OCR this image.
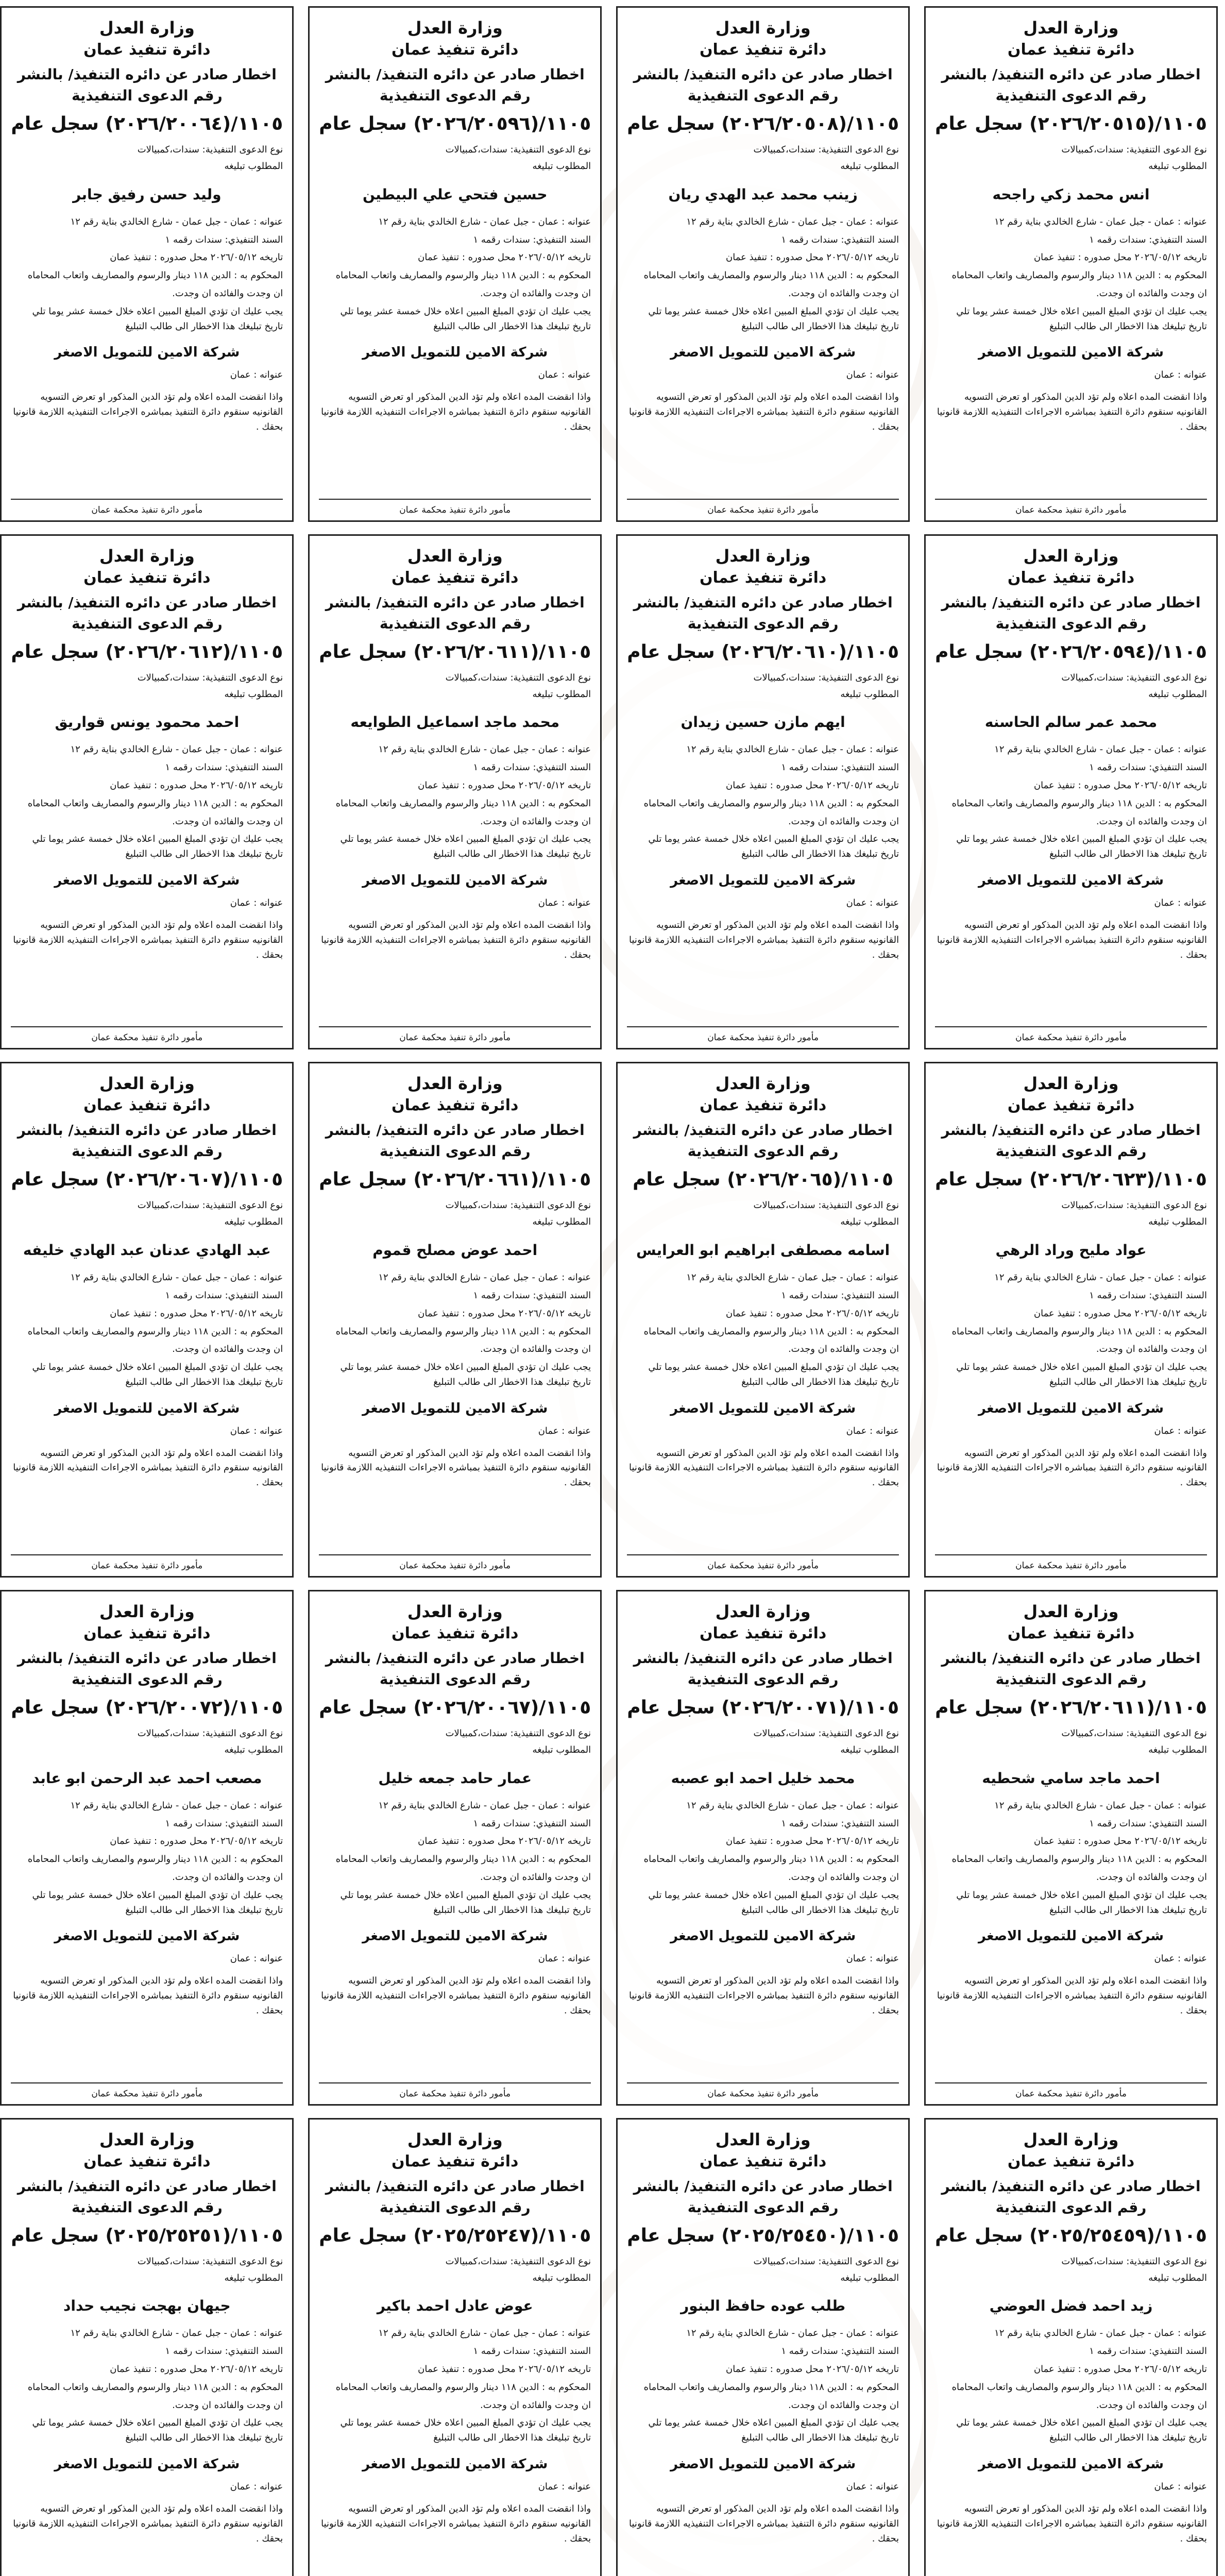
وزارة العدل
دائرة تنفيذ عمان
اخطار صادر عن دائره التنفيذ/ بالنشر
رقم الدعوى التنفيذية
١١٠٥/(٢٠٢٦/٢٠٥١٥) سجل عام
نوع الدعوى التنفيذية: سندات،كمبيالات
المطلوب تبليغه
انس محمد زكي راجحه
عنوانه : عمان - جبل عمان - شارع الخالدي بناية رقم ١٢
السند التنفيذي: سندات رقمه ١
تاريخه ٢٠٢٦/٠٥/١٢ محل صدوره : تنفيذ عمان
المحكوم به : الدين ١١٨ دينار والرسوم والمصاريف واتعاب المحاماه
ان وجدت والفائده ان وجدت.
يجب عليك ان تؤدي المبلغ المبين اعلاه خلال خمسة عشر يوما تلي تاريخ تبليغك هذا الاخطار الى طالب التبليغ
شركة الامين للتمويل الاصغر
عنوانه : عمان
واذا انقضت المده اعلاه ولم تؤد الدين المذكور او تعرض التسويه القانونيه سنقوم دائرة التنفيذ بمباشره الاجراءات التنفيذيه اللازمة قانونيا بحقك .
مأمور دائرة تنفيذ محكمة عمان
وزارة العدل
دائرة تنفيذ عمان
اخطار صادر عن دائره التنفيذ/ بالنشر
رقم الدعوى التنفيذية
١١٠٥/(٢٠٢٦/٢٠٥٠٨) سجل عام
نوع الدعوى التنفيذية: سندات،كمبيالات
المطلوب تبليغه
زينب محمد عبد الهدي ريان
عنوانه : عمان - جبل عمان - شارع الخالدي بناية رقم ١٢
السند التنفيذي: سندات رقمه ١
تاريخه ٢٠٢٦/٠٥/١٢ محل صدوره : تنفيذ عمان
المحكوم به : الدين ١١٨ دينار والرسوم والمصاريف واتعاب المحاماه
ان وجدت والفائده ان وجدت.
يجب عليك ان تؤدي المبلغ المبين اعلاه خلال خمسة عشر يوما تلي تاريخ تبليغك هذا الاخطار الى طالب التبليغ
شركة الامين للتمويل الاصغر
عنوانه : عمان
واذا انقضت المده اعلاه ولم تؤد الدين المذكور او تعرض التسويه القانونيه سنقوم دائرة التنفيذ بمباشره الاجراءات التنفيذيه اللازمة قانونيا بحقك .
مأمور دائرة تنفيذ محكمة عمان
وزارة العدل
دائرة تنفيذ عمان
اخطار صادر عن دائره التنفيذ/ بالنشر
رقم الدعوى التنفيذية
١١٠٥/(٢٠٢٦/٢٠٥٩٦) سجل عام
نوع الدعوى التنفيذية: سندات،كمبيالات
المطلوب تبليغه
حسين فتحي علي البيطين
عنوانه : عمان - جبل عمان - شارع الخالدي بناية رقم ١٢
السند التنفيذي: سندات رقمه ١
تاريخه ٢٠٢٦/٠٥/١٢ محل صدوره : تنفيذ عمان
المحكوم به : الدين ١١٨ دينار والرسوم والمصاريف واتعاب المحاماه
ان وجدت والفائده ان وجدت.
يجب عليك ان تؤدي المبلغ المبين اعلاه خلال خمسة عشر يوما تلي تاريخ تبليغك هذا الاخطار الى طالب التبليغ
شركة الامين للتمويل الاصغر
عنوانه : عمان
واذا انقضت المده اعلاه ولم تؤد الدين المذكور او تعرض التسويه القانونيه سنقوم دائرة التنفيذ بمباشره الاجراءات التنفيذيه اللازمة قانونيا بحقك .
مأمور دائرة تنفيذ محكمة عمان
وزارة العدل
دائرة تنفيذ عمان
اخطار صادر عن دائره التنفيذ/ بالنشر
رقم الدعوى التنفيذية
١١٠٥/(٢٠٢٦/٢٠٠٦٤) سجل عام
نوع الدعوى التنفيذية: سندات،كمبيالات
المطلوب تبليغه
وليد حسن رفيق جابر
عنوانه : عمان - جبل عمان - شارع الخالدي بناية رقم ١٢
السند التنفيذي: سندات رقمه ١
تاريخه ٢٠٢٦/٠٥/١٢ محل صدوره : تنفيذ عمان
المحكوم به : الدين ١١٨ دينار والرسوم والمصاريف واتعاب المحاماه
ان وجدت والفائده ان وجدت.
يجب عليك ان تؤدي المبلغ المبين اعلاه خلال خمسة عشر يوما تلي تاريخ تبليغك هذا الاخطار الى طالب التبليغ
شركة الامين للتمويل الاصغر
عنوانه : عمان
واذا انقضت المده اعلاه ولم تؤد الدين المذكور او تعرض التسويه القانونيه سنقوم دائرة التنفيذ بمباشره الاجراءات التنفيذيه اللازمة قانونيا بحقك .
مأمور دائرة تنفيذ محكمة عمان
وزارة العدل
دائرة تنفيذ عمان
اخطار صادر عن دائره التنفيذ/ بالنشر
رقم الدعوى التنفيذية
١١٠٥/(٢٠٢٦/٢٠٥٩٤) سجل عام
نوع الدعوى التنفيذية: سندات،كمبيالات
المطلوب تبليغه
محمد عمر سالم الحاسنه
عنوانه : عمان - جبل عمان - شارع الخالدي بناية رقم ١٢
السند التنفيذي: سندات رقمه ١
تاريخه ٢٠٢٦/٠٥/١٢ محل صدوره : تنفيذ عمان
المحكوم به : الدين ١١٨ دينار والرسوم والمصاريف واتعاب المحاماه
ان وجدت والفائده ان وجدت.
يجب عليك ان تؤدي المبلغ المبين اعلاه خلال خمسة عشر يوما تلي تاريخ تبليغك هذا الاخطار الى طالب التبليغ
شركة الامين للتمويل الاصغر
عنوانه : عمان
واذا انقضت المده اعلاه ولم تؤد الدين المذكور او تعرض التسويه القانونيه سنقوم دائرة التنفيذ بمباشره الاجراءات التنفيذيه اللازمة قانونيا بحقك .
مأمور دائرة تنفيذ محكمة عمان
وزارة العدل
دائرة تنفيذ عمان
اخطار صادر عن دائره التنفيذ/ بالنشر
رقم الدعوى التنفيذية
١١٠٥/(٢٠٢٦/٢٠٦١٠) سجل عام
نوع الدعوى التنفيذية: سندات،كمبيالات
المطلوب تبليغه
ايهم مازن حسين زيدان
عنوانه : عمان - جبل عمان - شارع الخالدي بناية رقم ١٢
السند التنفيذي: سندات رقمه ١
تاريخه ٢٠٢٦/٠٥/١٢ محل صدوره : تنفيذ عمان
المحكوم به : الدين ١١٨ دينار والرسوم والمصاريف واتعاب المحاماه
ان وجدت والفائده ان وجدت.
يجب عليك ان تؤدي المبلغ المبين اعلاه خلال خمسة عشر يوما تلي تاريخ تبليغك هذا الاخطار الى طالب التبليغ
شركة الامين للتمويل الاصغر
عنوانه : عمان
واذا انقضت المده اعلاه ولم تؤد الدين المذكور او تعرض التسويه القانونيه سنقوم دائرة التنفيذ بمباشره الاجراءات التنفيذيه اللازمة قانونيا بحقك .
مأمور دائرة تنفيذ محكمة عمان
وزارة العدل
دائرة تنفيذ عمان
اخطار صادر عن دائره التنفيذ/ بالنشر
رقم الدعوى التنفيذية
١١٠٥/(٢٠٢٦/٢٠٦١١) سجل عام
نوع الدعوى التنفيذية: سندات،كمبيالات
المطلوب تبليغه
محمد ماجد اسماعيل الطوايعه
عنوانه : عمان - جبل عمان - شارع الخالدي بناية رقم ١٢
السند التنفيذي: سندات رقمه ١
تاريخه ٢٠٢٦/٠٥/١٢ محل صدوره : تنفيذ عمان
المحكوم به : الدين ١١٨ دينار والرسوم والمصاريف واتعاب المحاماه
ان وجدت والفائده ان وجدت.
يجب عليك ان تؤدي المبلغ المبين اعلاه خلال خمسة عشر يوما تلي تاريخ تبليغك هذا الاخطار الى طالب التبليغ
شركة الامين للتمويل الاصغر
عنوانه : عمان
واذا انقضت المده اعلاه ولم تؤد الدين المذكور او تعرض التسويه القانونيه سنقوم دائرة التنفيذ بمباشره الاجراءات التنفيذيه اللازمة قانونيا بحقك .
مأمور دائرة تنفيذ محكمة عمان
وزارة العدل
دائرة تنفيذ عمان
اخطار صادر عن دائره التنفيذ/ بالنشر
رقم الدعوى التنفيذية
١١٠٥/(٢٠٢٦/٢٠٦١٢) سجل عام
نوع الدعوى التنفيذية: سندات،كمبيالات
المطلوب تبليغه
احمد محمود يونس قواريق
عنوانه : عمان - جبل عمان - شارع الخالدي بناية رقم ١٢
السند التنفيذي: سندات رقمه ١
تاريخه ٢٠٢٦/٠٥/١٢ محل صدوره : تنفيذ عمان
المحكوم به : الدين ١١٨ دينار والرسوم والمصاريف واتعاب المحاماه
ان وجدت والفائده ان وجدت.
يجب عليك ان تؤدي المبلغ المبين اعلاه خلال خمسة عشر يوما تلي تاريخ تبليغك هذا الاخطار الى طالب التبليغ
شركة الامين للتمويل الاصغر
عنوانه : عمان
واذا انقضت المده اعلاه ولم تؤد الدين المذكور او تعرض التسويه القانونيه سنقوم دائرة التنفيذ بمباشره الاجراءات التنفيذيه اللازمة قانونيا بحقك .
مأمور دائرة تنفيذ محكمة عمان
وزارة العدل
دائرة تنفيذ عمان
اخطار صادر عن دائره التنفيذ/ بالنشر
رقم الدعوى التنفيذية
١١٠٥/(٢٠٢٦/٢٠٦٢٣) سجل عام
نوع الدعوى التنفيذية: سندات،كمبيالات
المطلوب تبليغه
عواد مليح وراد الرهي
عنوانه : عمان - جبل عمان - شارع الخالدي بناية رقم ١٢
السند التنفيذي: سندات رقمه ١
تاريخه ٢٠٢٦/٠٥/١٢ محل صدوره : تنفيذ عمان
المحكوم به : الدين ١١٨ دينار والرسوم والمصاريف واتعاب المحاماه
ان وجدت والفائده ان وجدت.
يجب عليك ان تؤدي المبلغ المبين اعلاه خلال خمسة عشر يوما تلي تاريخ تبليغك هذا الاخطار الى طالب التبليغ
شركة الامين للتمويل الاصغر
عنوانه : عمان
واذا انقضت المده اعلاه ولم تؤد الدين المذكور او تعرض التسويه القانونيه سنقوم دائرة التنفيذ بمباشره الاجراءات التنفيذيه اللازمة قانونيا بحقك .
مأمور دائرة تنفيذ محكمة عمان
وزارة العدل
دائرة تنفيذ عمان
اخطار صادر عن دائره التنفيذ/ بالنشر
رقم الدعوى التنفيذية
١١٠٥/(٢٠٢٦/٢٠٦٥) سجل عام
نوع الدعوى التنفيذية: سندات،كمبيالات
المطلوب تبليغه
اسامه مصطفى ابراهيم ابو العرايس
عنوانه : عمان - جبل عمان - شارع الخالدي بناية رقم ١٢
السند التنفيذي: سندات رقمه ١
تاريخه ٢٠٢٦/٠٥/١٢ محل صدوره : تنفيذ عمان
المحكوم به : الدين ١١٨ دينار والرسوم والمصاريف واتعاب المحاماه
ان وجدت والفائده ان وجدت.
يجب عليك ان تؤدي المبلغ المبين اعلاه خلال خمسة عشر يوما تلي تاريخ تبليغك هذا الاخطار الى طالب التبليغ
شركة الامين للتمويل الاصغر
عنوانه : عمان
واذا انقضت المده اعلاه ولم تؤد الدين المذكور او تعرض التسويه القانونيه سنقوم دائرة التنفيذ بمباشره الاجراءات التنفيذيه اللازمة قانونيا بحقك .
مأمور دائرة تنفيذ محكمة عمان
وزارة العدل
دائرة تنفيذ عمان
اخطار صادر عن دائره التنفيذ/ بالنشر
رقم الدعوى التنفيذية
١١٠٥/(٢٠٢٦/٢٠٦٦١) سجل عام
نوع الدعوى التنفيذية: سندات،كمبيالات
المطلوب تبليغه
احمد عوض مصلح قموم
عنوانه : عمان - جبل عمان - شارع الخالدي بناية رقم ١٢
السند التنفيذي: سندات رقمه ١
تاريخه ٢٠٢٦/٠٥/١٢ محل صدوره : تنفيذ عمان
المحكوم به : الدين ١١٨ دينار والرسوم والمصاريف واتعاب المحاماه
ان وجدت والفائده ان وجدت.
يجب عليك ان تؤدي المبلغ المبين اعلاه خلال خمسة عشر يوما تلي تاريخ تبليغك هذا الاخطار الى طالب التبليغ
شركة الامين للتمويل الاصغر
عنوانه : عمان
واذا انقضت المده اعلاه ولم تؤد الدين المذكور او تعرض التسويه القانونيه سنقوم دائرة التنفيذ بمباشره الاجراءات التنفيذيه اللازمة قانونيا بحقك .
مأمور دائرة تنفيذ محكمة عمان
وزارة العدل
دائرة تنفيذ عمان
اخطار صادر عن دائره التنفيذ/ بالنشر
رقم الدعوى التنفيذية
١١٠٥/(٢٠٢٦/٢٠٦٠٧) سجل عام
نوع الدعوى التنفيذية: سندات،كمبيالات
المطلوب تبليغه
عبد الهادي عدنان عبد الهادي خليفه
عنوانه : عمان - جبل عمان - شارع الخالدي بناية رقم ١٢
السند التنفيذي: سندات رقمه ١
تاريخه ٢٠٢٦/٠٥/١٢ محل صدوره : تنفيذ عمان
المحكوم به : الدين ١١٨ دينار والرسوم والمصاريف واتعاب المحاماه
ان وجدت والفائده ان وجدت.
يجب عليك ان تؤدي المبلغ المبين اعلاه خلال خمسة عشر يوما تلي تاريخ تبليغك هذا الاخطار الى طالب التبليغ
شركة الامين للتمويل الاصغر
عنوانه : عمان
واذا انقضت المده اعلاه ولم تؤد الدين المذكور او تعرض التسويه القانونيه سنقوم دائرة التنفيذ بمباشره الاجراءات التنفيذيه اللازمة قانونيا بحقك .
مأمور دائرة تنفيذ محكمة عمان
وزارة العدل
دائرة تنفيذ عمان
اخطار صادر عن دائره التنفيذ/ بالنشر
رقم الدعوى التنفيذية
١١٠٥/(٢٠٢٦/٢٠٦١١) سجل عام
نوع الدعوى التنفيذية: سندات،كمبيالات
المطلوب تبليغه
احمد ماجد سامي شحطيه
عنوانه : عمان - جبل عمان - شارع الخالدي بناية رقم ١٢
السند التنفيذي: سندات رقمه ١
تاريخه ٢٠٢٦/٠٥/١٢ محل صدوره : تنفيذ عمان
المحكوم به : الدين ١١٨ دينار والرسوم والمصاريف واتعاب المحاماه
ان وجدت والفائده ان وجدت.
يجب عليك ان تؤدي المبلغ المبين اعلاه خلال خمسة عشر يوما تلي تاريخ تبليغك هذا الاخطار الى طالب التبليغ
شركة الامين للتمويل الاصغر
عنوانه : عمان
واذا انقضت المده اعلاه ولم تؤد الدين المذكور او تعرض التسويه القانونيه سنقوم دائرة التنفيذ بمباشره الاجراءات التنفيذيه اللازمة قانونيا بحقك .
مأمور دائرة تنفيذ محكمة عمان
وزارة العدل
دائرة تنفيذ عمان
اخطار صادر عن دائره التنفيذ/ بالنشر
رقم الدعوى التنفيذية
١١٠٥/(٢٠٢٦/٢٠٠٧١) سجل عام
نوع الدعوى التنفيذية: سندات،كمبيالات
المطلوب تبليغه
محمد خليل احمد ابو عصبه
عنوانه : عمان - جبل عمان - شارع الخالدي بناية رقم ١٢
السند التنفيذي: سندات رقمه ١
تاريخه ٢٠٢٦/٠٥/١٢ محل صدوره : تنفيذ عمان
المحكوم به : الدين ١١٨ دينار والرسوم والمصاريف واتعاب المحاماه
ان وجدت والفائده ان وجدت.
يجب عليك ان تؤدي المبلغ المبين اعلاه خلال خمسة عشر يوما تلي تاريخ تبليغك هذا الاخطار الى طالب التبليغ
شركة الامين للتمويل الاصغر
عنوانه : عمان
واذا انقضت المده اعلاه ولم تؤد الدين المذكور او تعرض التسويه القانونيه سنقوم دائرة التنفيذ بمباشره الاجراءات التنفيذيه اللازمة قانونيا بحقك .
مأمور دائرة تنفيذ محكمة عمان
وزارة العدل
دائرة تنفيذ عمان
اخطار صادر عن دائره التنفيذ/ بالنشر
رقم الدعوى التنفيذية
١١٠٥/(٢٠٢٦/٢٠٠٦٧) سجل عام
نوع الدعوى التنفيذية: سندات،كمبيالات
المطلوب تبليغه
عمار حامد جمعه خليل
عنوانه : عمان - جبل عمان - شارع الخالدي بناية رقم ١٢
السند التنفيذي: سندات رقمه ١
تاريخه ٢٠٢٦/٠٥/١٢ محل صدوره : تنفيذ عمان
المحكوم به : الدين ١١٨ دينار والرسوم والمصاريف واتعاب المحاماه
ان وجدت والفائده ان وجدت.
يجب عليك ان تؤدي المبلغ المبين اعلاه خلال خمسة عشر يوما تلي تاريخ تبليغك هذا الاخطار الى طالب التبليغ
شركة الامين للتمويل الاصغر
عنوانه : عمان
واذا انقضت المده اعلاه ولم تؤد الدين المذكور او تعرض التسويه القانونيه سنقوم دائرة التنفيذ بمباشره الاجراءات التنفيذيه اللازمة قانونيا بحقك .
مأمور دائرة تنفيذ محكمة عمان
وزارة العدل
دائرة تنفيذ عمان
اخطار صادر عن دائره التنفيذ/ بالنشر
رقم الدعوى التنفيذية
١١٠٥/(٢٠٢٦/٢٠٠٧٢) سجل عام
نوع الدعوى التنفيذية: سندات،كمبيالات
المطلوب تبليغه
مصعب احمد عبد الرحمن ابو عابد
عنوانه : عمان - جبل عمان - شارع الخالدي بناية رقم ١٢
السند التنفيذي: سندات رقمه ١
تاريخه ٢٠٢٦/٠٥/١٢ محل صدوره : تنفيذ عمان
المحكوم به : الدين ١١٨ دينار والرسوم والمصاريف واتعاب المحاماه
ان وجدت والفائده ان وجدت.
يجب عليك ان تؤدي المبلغ المبين اعلاه خلال خمسة عشر يوما تلي تاريخ تبليغك هذا الاخطار الى طالب التبليغ
شركة الامين للتمويل الاصغر
عنوانه : عمان
واذا انقضت المده اعلاه ولم تؤد الدين المذكور او تعرض التسويه القانونيه سنقوم دائرة التنفيذ بمباشره الاجراءات التنفيذيه اللازمة قانونيا بحقك .
مأمور دائرة تنفيذ محكمة عمان
وزارة العدل
دائرة تنفيذ عمان
اخطار صادر عن دائره التنفيذ/ بالنشر
رقم الدعوى التنفيذية
١١٠٥/(٢٠٢٥/٢٥٤٥٩) سجل عام
نوع الدعوى التنفيذية: سندات،كمبيالات
المطلوب تبليغه
زيد احمد فضل العوضي
عنوانه : عمان - جبل عمان - شارع الخالدي بناية رقم ١٢
السند التنفيذي: سندات رقمه ١
تاريخه ٢٠٢٦/٠٥/١٢ محل صدوره : تنفيذ عمان
المحكوم به : الدين ١١٨ دينار والرسوم والمصاريف واتعاب المحاماه
ان وجدت والفائده ان وجدت.
يجب عليك ان تؤدي المبلغ المبين اعلاه خلال خمسة عشر يوما تلي تاريخ تبليغك هذا الاخطار الى طالب التبليغ
شركة الامين للتمويل الاصغر
عنوانه : عمان
واذا انقضت المده اعلاه ولم تؤد الدين المذكور او تعرض التسويه القانونيه سنقوم دائرة التنفيذ بمباشره الاجراءات التنفيذيه اللازمة قانونيا بحقك .
وزارة العدل
دائرة تنفيذ عمان
اخطار صادر عن دائره التنفيذ/ بالنشر
رقم الدعوى التنفيذية
١١٠٥/(٢٠٢٥/٢٥٤٥٠) سجل عام
نوع الدعوى التنفيذية: سندات،كمبيالات
المطلوب تبليغه
طلب عوده حافظ البنور
عنوانه : عمان - جبل عمان - شارع الخالدي بناية رقم ١٢
السند التنفيذي: سندات رقمه ١
تاريخه ٢٠٢٦/٠٥/١٢ محل صدوره : تنفيذ عمان
المحكوم به : الدين ١١٨ دينار والرسوم والمصاريف واتعاب المحاماه
ان وجدت والفائده ان وجدت.
يجب عليك ان تؤدي المبلغ المبين اعلاه خلال خمسة عشر يوما تلي تاريخ تبليغك هذا الاخطار الى طالب التبليغ
شركة الامين للتمويل الاصغر
عنوانه : عمان
واذا انقضت المده اعلاه ولم تؤد الدين المذكور او تعرض التسويه القانونيه سنقوم دائرة التنفيذ بمباشره الاجراءات التنفيذيه اللازمة قانونيا بحقك .
وزارة العدل
دائرة تنفيذ عمان
اخطار صادر عن دائره التنفيذ/ بالنشر
رقم الدعوى التنفيذية
١١٠٥/(٢٠٢٥/٢٥٢٤٧) سجل عام
نوع الدعوى التنفيذية: سندات،كمبيالات
المطلوب تبليغه
عوض عادل احمد باكير
عنوانه : عمان - جبل عمان - شارع الخالدي بناية رقم ١٢
السند التنفيذي: سندات رقمه ١
تاريخه ٢٠٢٦/٠٥/١٢ محل صدوره : تنفيذ عمان
المحكوم به : الدين ١١٨ دينار والرسوم والمصاريف واتعاب المحاماه
ان وجدت والفائده ان وجدت.
يجب عليك ان تؤدي المبلغ المبين اعلاه خلال خمسة عشر يوما تلي تاريخ تبليغك هذا الاخطار الى طالب التبليغ
شركة الامين للتمويل الاصغر
عنوانه : عمان
واذا انقضت المده اعلاه ولم تؤد الدين المذكور او تعرض التسويه القانونيه سنقوم دائرة التنفيذ بمباشره الاجراءات التنفيذيه اللازمة قانونيا بحقك .
وزارة العدل
دائرة تنفيذ عمان
اخطار صادر عن دائره التنفيذ/ بالنشر
رقم الدعوى التنفيذية
١١٠٥/(٢٠٢٥/٢٥٢٥١) سجل عام
نوع الدعوى التنفيذية: سندات،كمبيالات
المطلوب تبليغه
جيهان بهجت نجيب حداد
عنوانه : عمان - جبل عمان - شارع الخالدي بناية رقم ١٢
السند التنفيذي: سندات رقمه ١
تاريخه ٢٠٢٦/٠٥/١٢ محل صدوره : تنفيذ عمان
المحكوم به : الدين ١١٨ دينار والرسوم والمصاريف واتعاب المحاماه
ان وجدت والفائده ان وجدت.
يجب عليك ان تؤدي المبلغ المبين اعلاه خلال خمسة عشر يوما تلي تاريخ تبليغك هذا الاخطار الى طالب التبليغ
شركة الامين للتمويل الاصغر
عنوانه : عمان
واذا انقضت المده اعلاه ولم تؤد الدين المذكور او تعرض التسويه القانونيه سنقوم دائرة التنفيذ بمباشره الاجراءات التنفيذيه اللازمة قانونيا بحقك .
